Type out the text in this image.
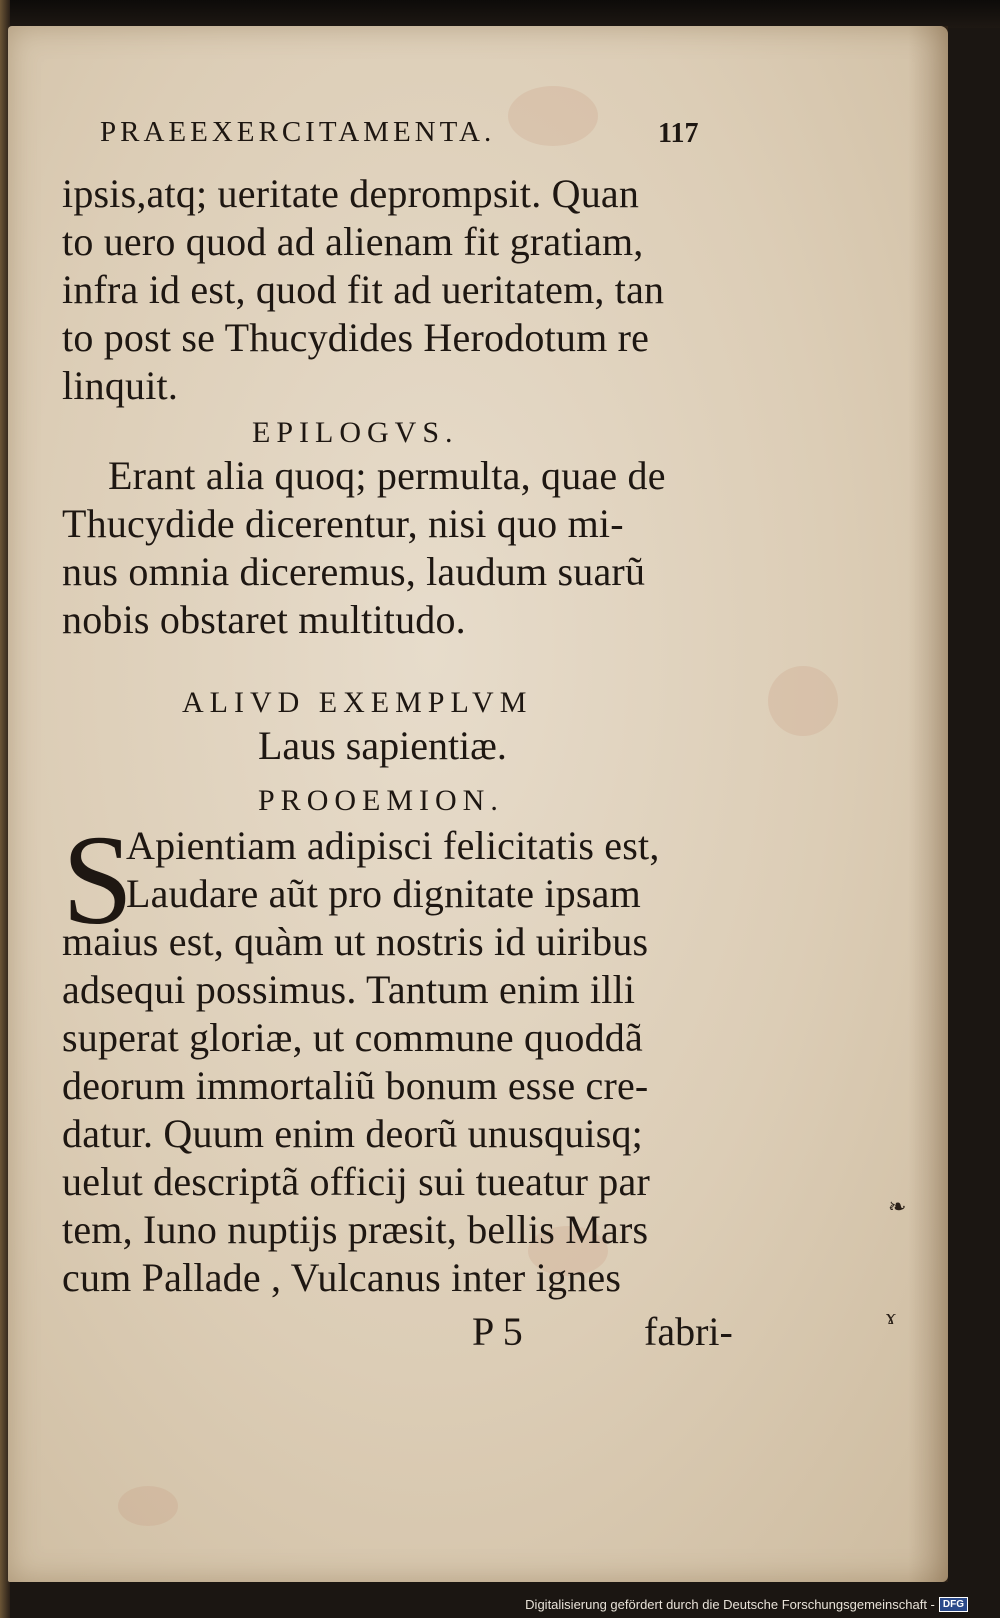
PRAEEXERCITAMENTA.	117
ipsis,atq; ueritate deprompsit. Quan
to uero quod ad alienam fit gratiam,
infra id est, quod fit ad ueritatem, tan
to post se Thucydides Herodotum re
linquit.
EPILOGVS.
Erant alia quoq; permulta, quae de
Thucydide dicerentur, nisi quo mi-
nus omnia diceremus, laudum suarũ
nobis obstaret multitudo.
ALIVD EXEMPLVM
Laus sapientiæ.
PROOEMION.
S
Apientiam adipisci felicitatis est,
Laudare aũt pro dignitate ipsam
maius est, quàm ut nostris id uiribus
adsequi possimus. Tantum enim illi
superat gloriæ, ut commune quoddã
deorum immortaliũ bonum esse cre-
datur. Quum enim deorũ unusquisq;
uelut descriptã officij sui tueatur par
tem, Iuno nuptijs præsit, bellis Mars
cum Pallade , Vulcanus inter ignes
P 5	fabri-
❧
ɤ
Digitalisierung gefördert durch die Deutsche Forschungsgemeinschaft - DFG
